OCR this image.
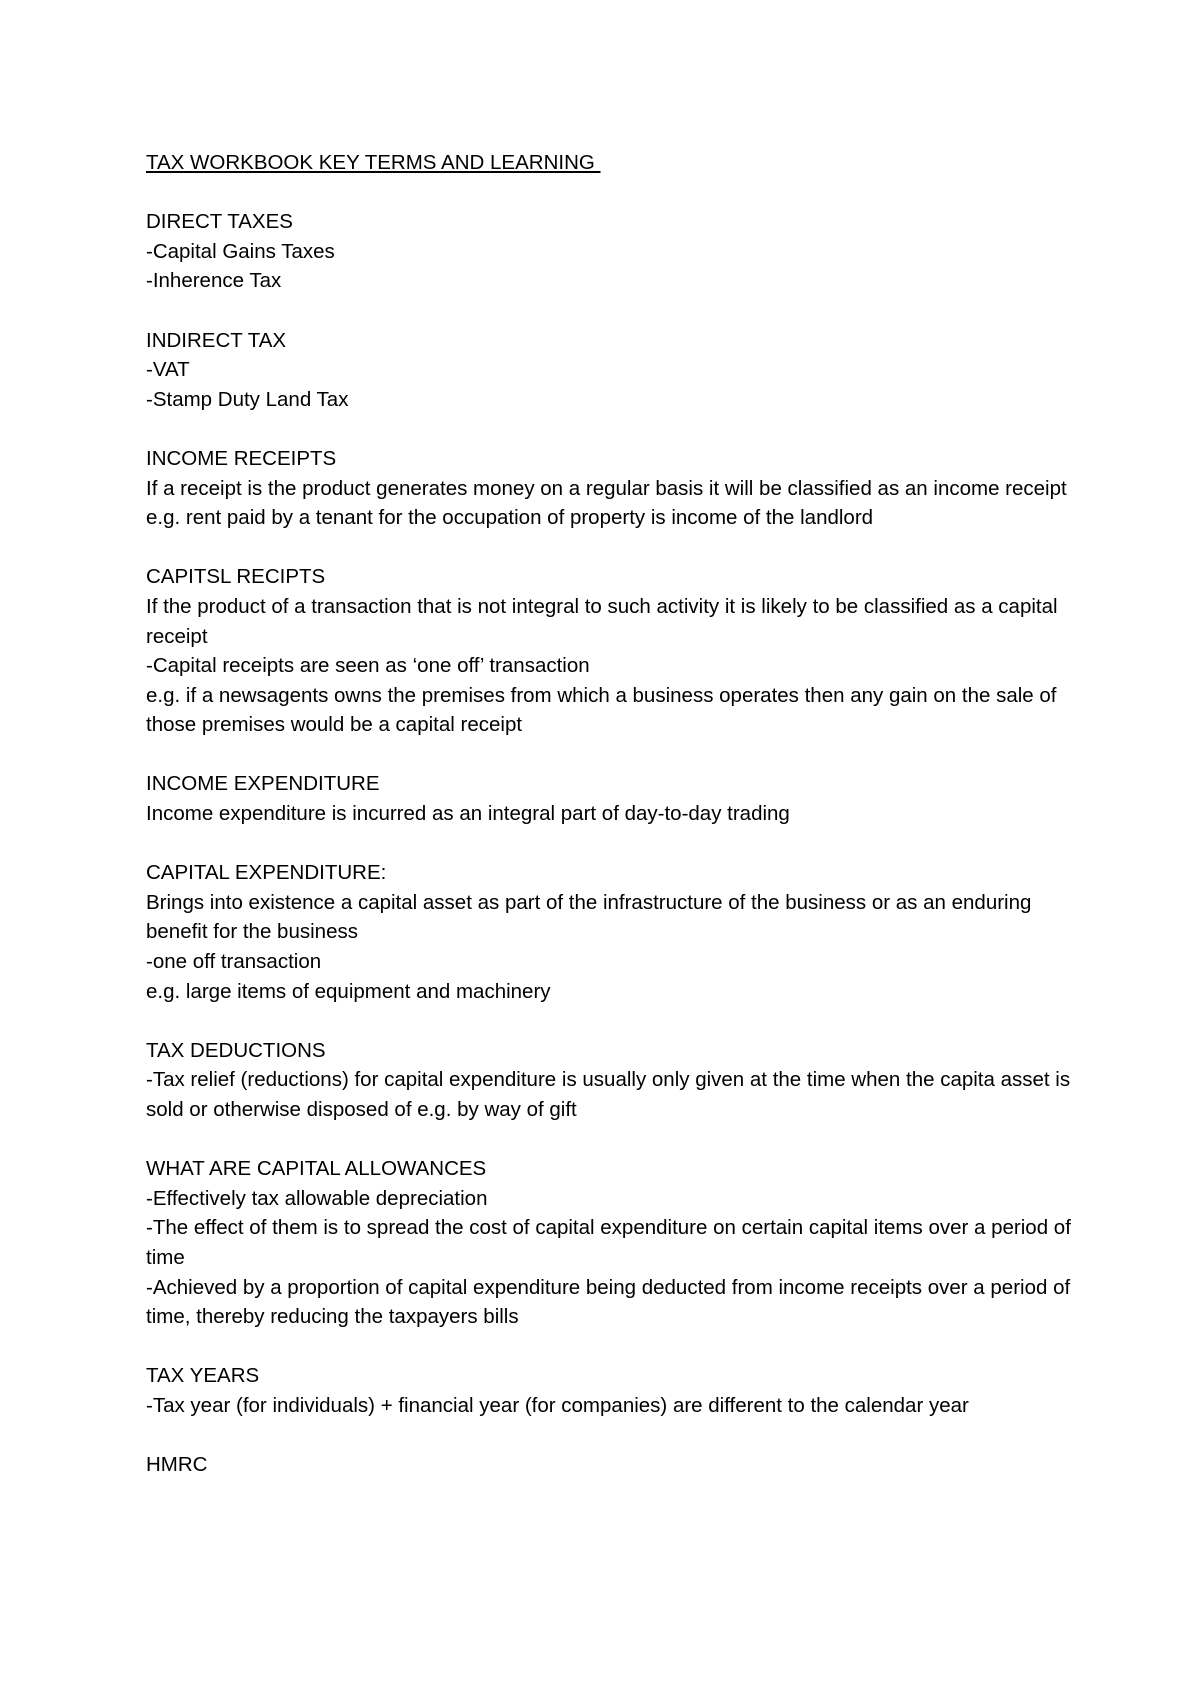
TAX WORKBOOK KEY TERMS AND LEARNING
DIRECT TAXES

-Capital Gains Taxes

-Inherence Tax

INDIRECT TAX

-VAT

-Stamp Duty Land Tax

INCOME RECEIPTS

If a receipt is the product generates money on a regular basis it will be classified as an income receipt e.g. rent paid by a tenant for the occupation of property is income of the landlord

CAPITSL RECIPTS

If the product of a transaction that is not integral to such activity it is likely to be classified as a capital receipt

-Capital receipts are seen as ‘one off’ transaction

e.g. if a newsagents owns the premises from which a business operates then any gain on the sale of those premises would be a capital receipt

INCOME EXPENDITURE

Income expenditure is incurred as an integral part of day-to-day trading

CAPITAL EXPENDITURE:

Brings into existence a capital asset as part of the infrastructure of the business or as an enduring benefit for the business

-one off transaction

e.g. large items of equipment and machinery

TAX DEDUCTIONS

-Tax relief (reductions) for capital expenditure is usually only given at the time when the capita asset is sold or otherwise disposed of e.g. by way of gift

WHAT ARE CAPITAL ALLOWANCES

-Effectively tax allowable depreciation

-The effect of them is to spread the cost of capital expenditure on certain capital items over a period of time

-Achieved by a proportion of capital expenditure being deducted from income receipts over a period of time, thereby reducing the taxpayers bills

TAX YEARS

-Tax year (for individuals) + financial year (for companies) are different to the calendar year

HMRC
